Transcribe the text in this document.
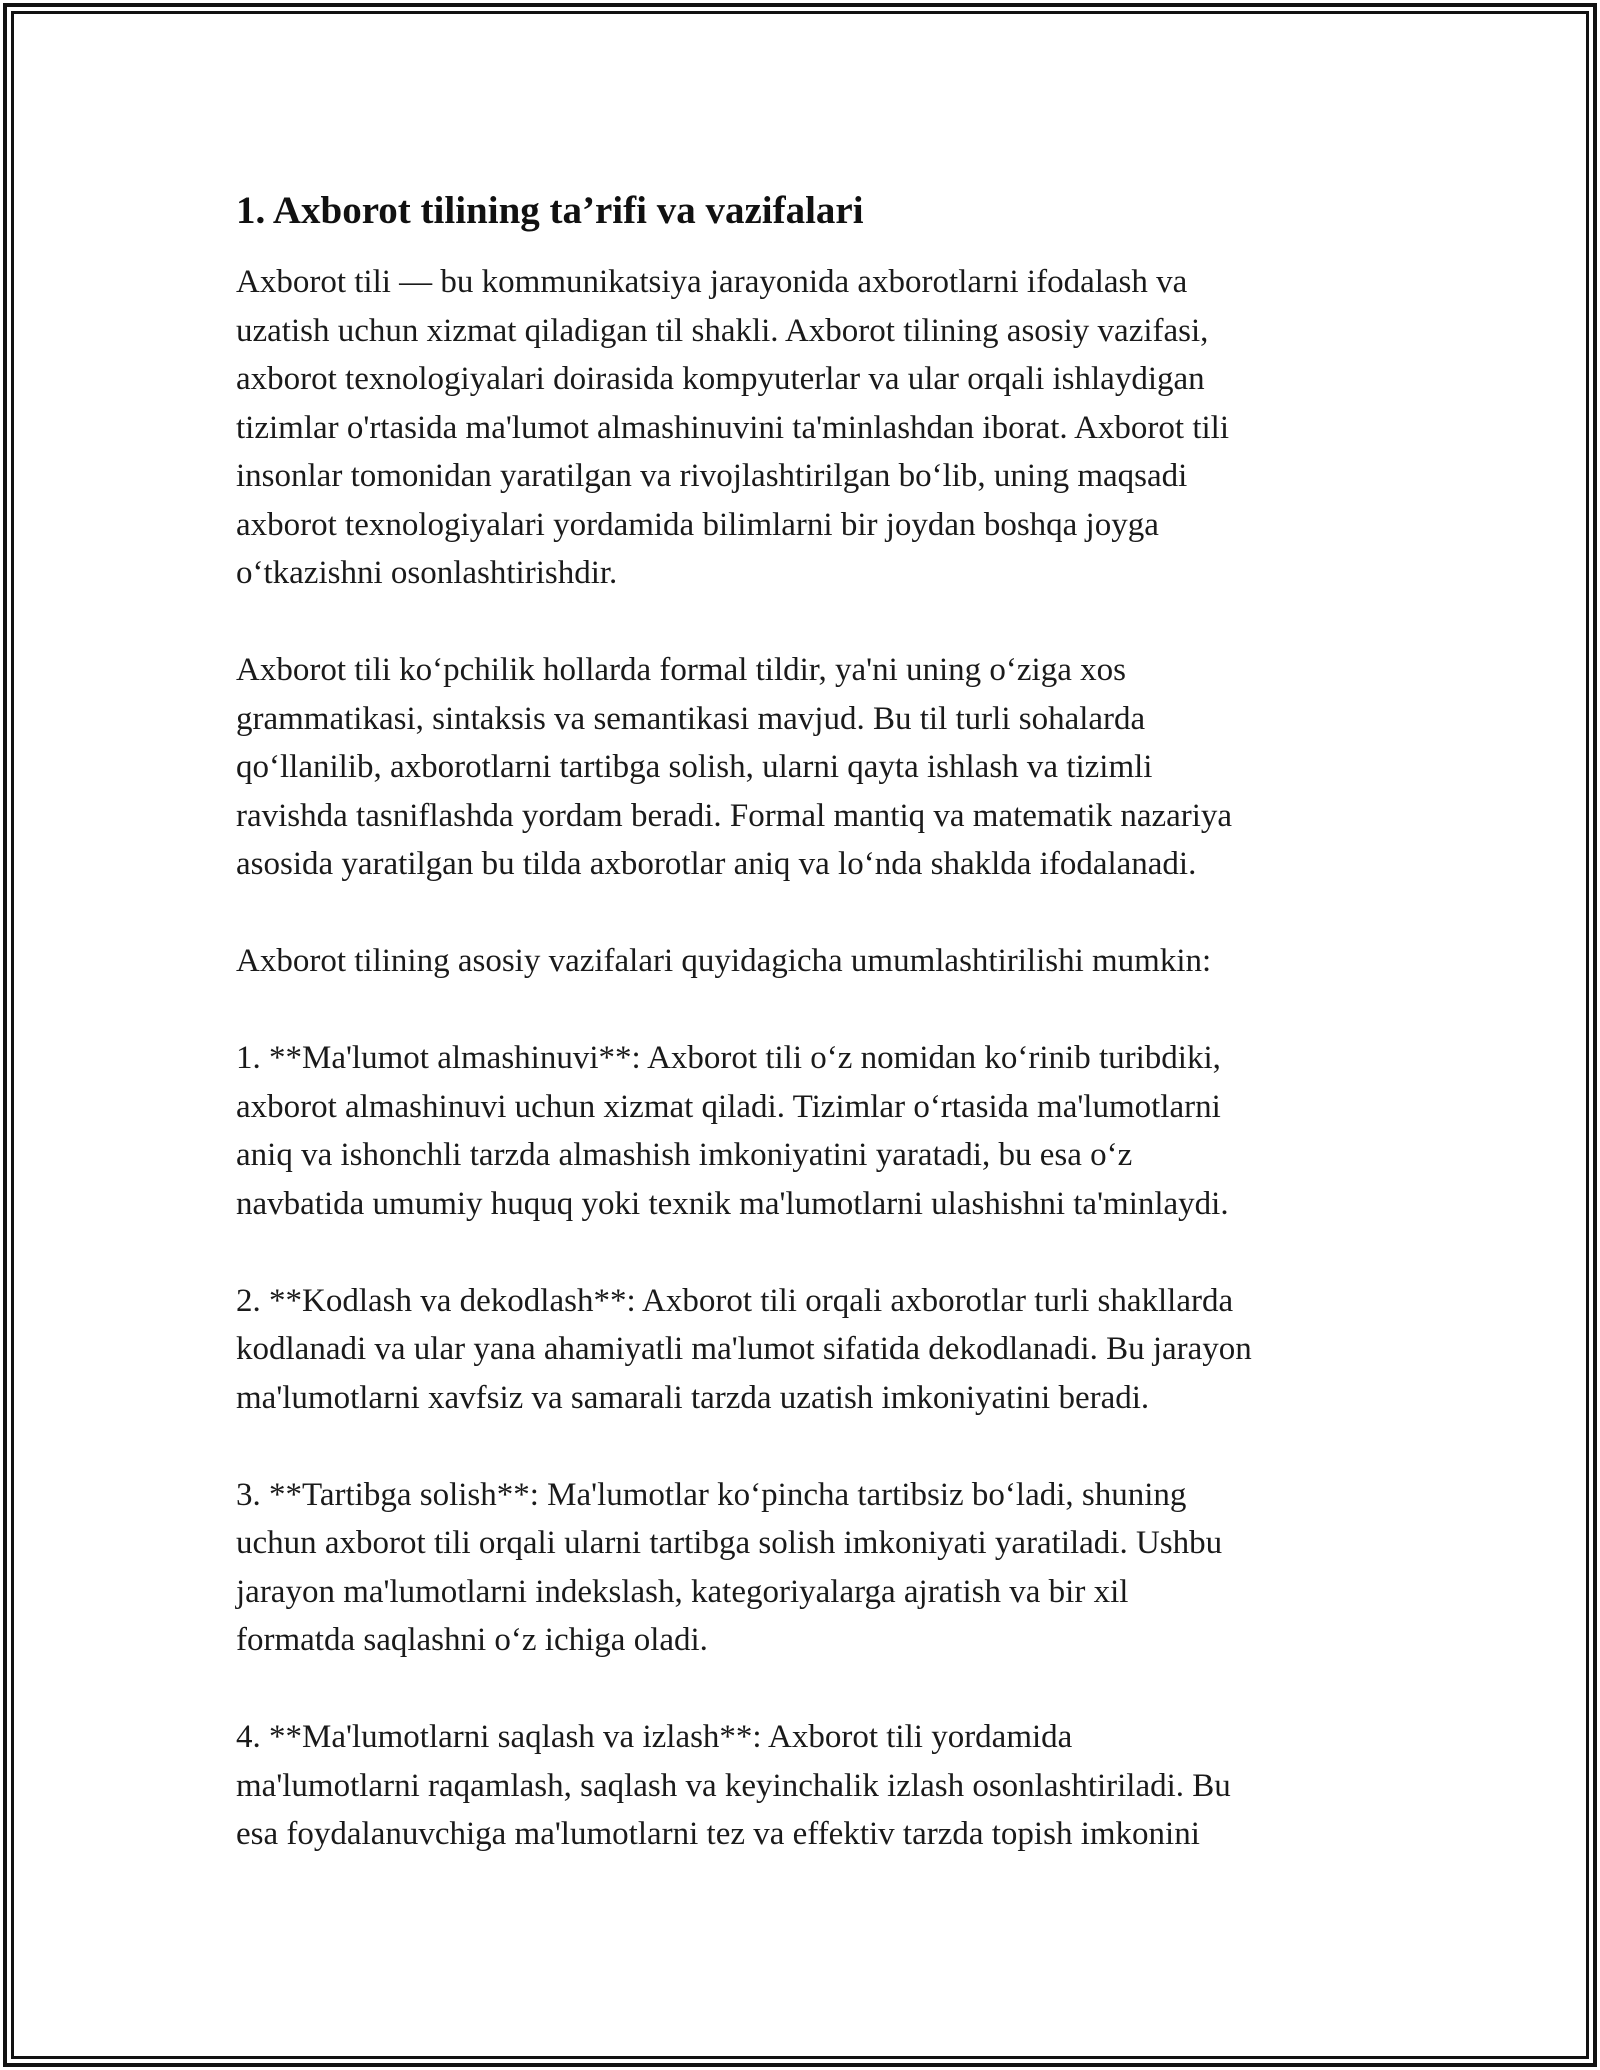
1. Axborot tilining ta’rifi va vazifalari

Axborot tili — bu kommunikatsiya jarayonida axborotlarni ifodalash va
uzatish uchun xizmat qiladigan til shakli. Axborot tilining asosiy vazifasi,
axborot texnologiyalari doirasida kompyuterlar va ular orqali ishlaydigan
tizimlar o'rtasida ma'lumot almashinuvini ta'minlashdan iborat. Axborot tili
insonlar tomonidan yaratilgan va rivojlashtirilgan bo‘lib, uning maqsadi
axborot texnologiyalari yordamida bilimlarni bir joydan boshqa joyga
o‘tkazishni osonlashtirishdir.

Axborot tili ko‘pchilik hollarda formal tildir, ya'ni uning o‘ziga xos
grammatikasi, sintaksis va semantikasi mavjud. Bu til turli sohalarda
qo‘llanilib, axborotlarni tartibga solish, ularni qayta ishlash va tizimli
ravishda tasniflashda yordam beradi. Formal mantiq va matematik nazariya
asosida yaratilgan bu tilda axborotlar aniq va lo‘nda shaklda ifodalanadi.

Axborot tilining asosiy vazifalari quyidagicha umumlashtirilishi mumkin:

1. **Ma'lumot almashinuvi**: Axborot tili o‘z nomidan ko‘rinib turibdiki,
axborot almashinuvi uchun xizmat qiladi. Tizimlar o‘rtasida ma'lumotlarni
aniq va ishonchli tarzda almashish imkoniyatini yaratadi, bu esa o‘z
navbatida umumiy huquq yoki texnik ma'lumotlarni ulashishni ta'minlaydi.

2. **Kodlash va dekodlash**: Axborot tili orqali axborotlar turli shakllarda
kodlanadi va ular yana ahamiyatli ma'lumot sifatida dekodlanadi. Bu jarayon
ma'lumotlarni xavfsiz va samarali tarzda uzatish imkoniyatini beradi.

3. **Tartibga solish**: Ma'lumotlar ko‘pincha tartibsiz bo‘ladi, shuning
uchun axborot tili orqali ularni tartibga solish imkoniyati yaratiladi. Ushbu
jarayon ma'lumotlarni indekslash, kategoriyalarga ajratish va bir xil
formatda saqlashni o‘z ichiga oladi.

4. **Ma'lumotlarni saqlash va izlash**: Axborot tili yordamida
ma'lumotlarni raqamlash, saqlash va keyinchalik izlash osonlashtiriladi. Bu
esa foydalanuvchiga ma'lumotlarni tez va effektiv tarzda topish imkonini
